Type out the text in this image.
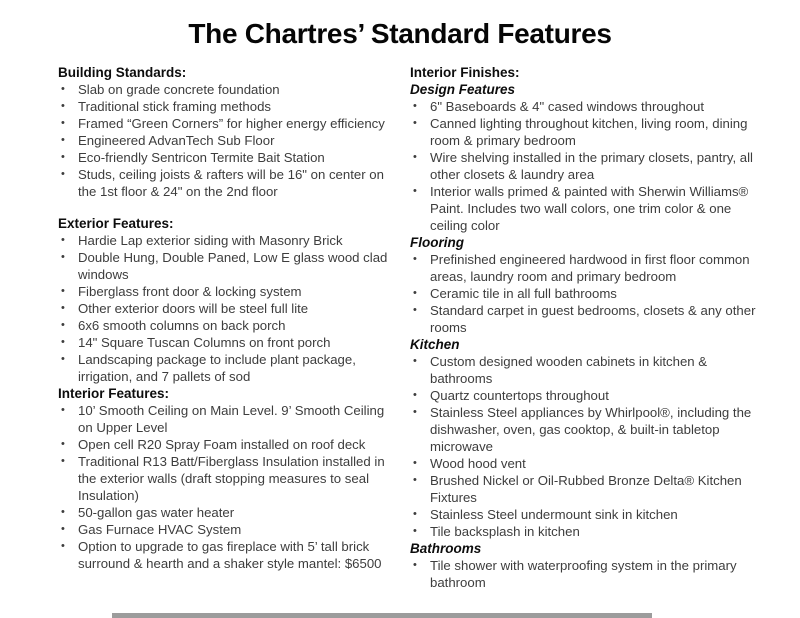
The Chartres’ Standard Features
Building Standards:
• Slab on grade concrete foundation
• Traditional stick framing methods
• Framed “Green Corners” for higher energy efficiency
• Engineered AdvanTech Sub Floor
• Eco-friendly Sentricon Termite Bait Station
• Studs, ceiling joists & rafters will be 16" on center on the 1st floor & 24" on the 2nd floor
Exterior Features:
• Hardie Lap exterior siding with Masonry Brick
• Double Hung, Double Paned, Low E glass wood clad windows
• Fiberglass front door & locking system
• Other exterior doors will be steel full lite
• 6x6 smooth columns on back porch
• 14" Square Tuscan Columns on front porch
• Landscaping package to include plant package, irrigation, and 7 pallets of sod
Interior Features:
• 10’ Smooth Ceiling on Main Level. 9’ Smooth Ceiling on Upper Level
• Open cell R20 Spray Foam installed on roof deck
• Traditional R13 Batt/Fiberglass Insulation installed in the exterior walls (draft stopping measures to seal Insulation)
• 50-gallon gas water heater
• Gas Furnace HVAC System
• Option to upgrade to gas fireplace with 5’ tall brick surround & hearth and a shaker style mantel: $6500
Interior Finishes:
Design Features
• 6" Baseboards & 4" cased windows throughout
• Canned lighting throughout kitchen, living room, dining room & primary bedroom
• Wire shelving installed in the primary closets, pantry, all other closets & laundry area
• Interior walls primed & painted with Sherwin Williams® Paint. Includes two wall colors, one trim color & one ceiling color
Flooring
• Prefinished engineered hardwood in first floor common areas, laundry room and primary bedroom
• Ceramic tile in all full bathrooms
• Standard carpet in guest bedrooms, closets & any other rooms
Kitchen
• Custom designed wooden cabinets in kitchen & bathrooms
• Quartz countertops throughout
• Stainless Steel appliances by Whirlpool®, including the dishwasher, oven, gas cooktop, & built-in tabletop microwave
• Wood hood vent
• Brushed Nickel or Oil-Rubbed Bronze Delta® Kitchen Fixtures
• Stainless Steel undermount sink in kitchen
• Tile backsplash in kitchen
Bathrooms
• Tile shower with waterproofing system in the primary bathroom
